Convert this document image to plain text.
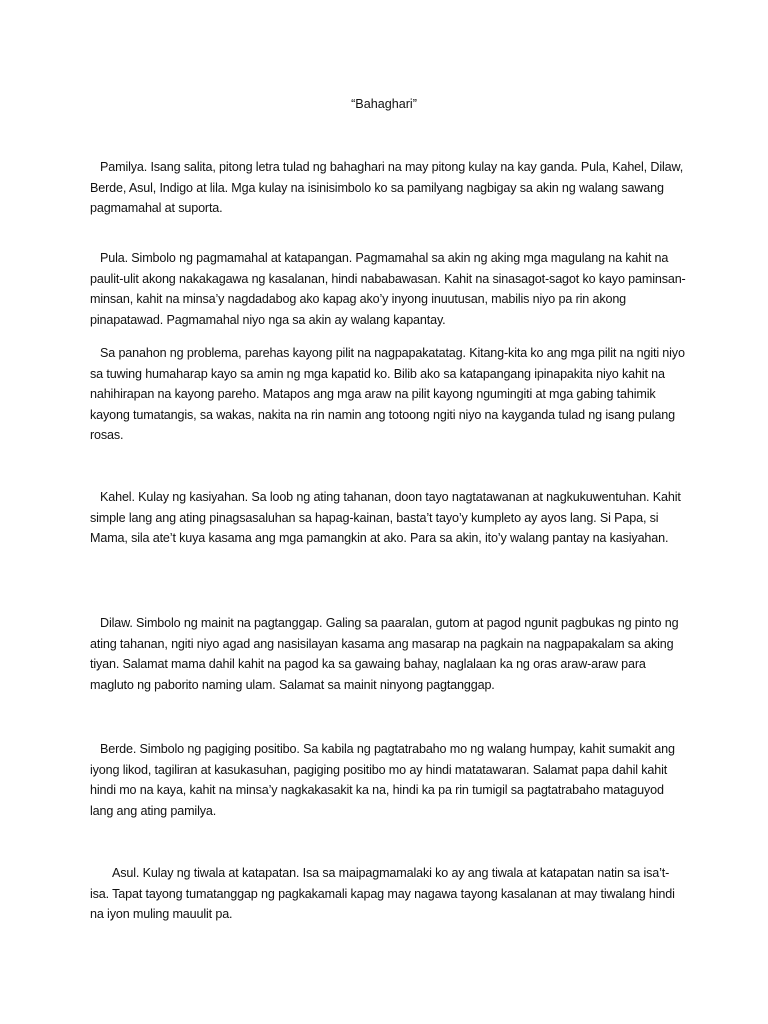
“Bahaghari”

Pamilya. Isang salita, pitong letra tulad ng bahaghari na may pitong kulay na kay ganda. Pula, Kahel, Dilaw, Berde, Asul, Indigo at lila. Mga kulay na isinisimbolo ko sa pamilyang nagbigay sa akin ng walang sawang pagmamahal at suporta.

Pula. Simbolo ng pagmamahal at katapangan. Pagmamahal sa akin ng aking mga magulang na kahit na paulit-ulit akong nakakagawa ng kasalanan, hindi nababawasan. Kahit na sinasagot-sagot ko kayo paminsan-minsan, kahit na minsa’y nagdadabog ako kapag ako’y inyong inuutusan, mabilis niyo pa rin akong pinapatawad. Pagmamahal niyo nga sa akin ay walang kapantay.

Sa panahon ng problema, parehas kayong pilit na nagpapakatatag. Kitang-kita ko ang mga pilit na ngiti niyo sa tuwing humaharap kayo sa amin ng mga kapatid ko. Bilib ako sa katapangang ipinapakita niyo kahit na nahihirapan na kayong pareho. Matapos ang mga araw na pilit kayong ngumingiti at mga gabing tahimik kayong tumatangis, sa wakas, nakita na rin namin ang totoong ngiti niyo na kayganda tulad ng isang pulang rosas.

Kahel. Kulay ng kasiyahan. Sa loob ng ating tahanan, doon tayo nagtatawanan at nagkukuwentuhan. Kahit simple lang ang ating pinagsasaluhan sa hapag-kainan, basta’t tayo’y kumpleto ay ayos lang. Si Papa, si Mama, sila ate’t kuya kasama ang mga pamangkin at ako. Para sa akin, ito’y walang pantay na kasiyahan.

Dilaw. Simbolo ng mainit na pagtanggap. Galing sa paaralan, gutom at pagod ngunit pagbukas ng pinto ng ating tahanan, ngiti niyo agad ang nasisilayan kasama ang masarap na pagkain na nagpapakalam sa aking tiyan. Salamat mama dahil kahit na pagod ka sa gawaing bahay, naglalaan ka ng oras araw-araw para magluto ng paborito naming ulam. Salamat sa mainit ninyong pagtanggap.

Berde. Simbolo ng pagiging positibo. Sa kabila ng pagtatrabaho mo ng walang humpay, kahit sumakit ang iyong likod, tagiliran at kasukasuhan, pagiging positibo mo ay hindi matatawaran. Salamat papa dahil kahit hindi mo na kaya, kahit na minsa’y nagkakasakit ka na, hindi ka pa rin tumigil sa pagtatrabaho mataguyod lang ang ating pamilya.

Asul. Kulay ng tiwala at katapatan. Isa sa maipagmamalaki ko ay ang tiwala at katapatan natin sa isa’t-isa. Tapat tayong tumatanggap ng pagkakamali kapag may nagawa tayong kasalanan at may tiwalang hindi na iyon muling mauulit pa.
